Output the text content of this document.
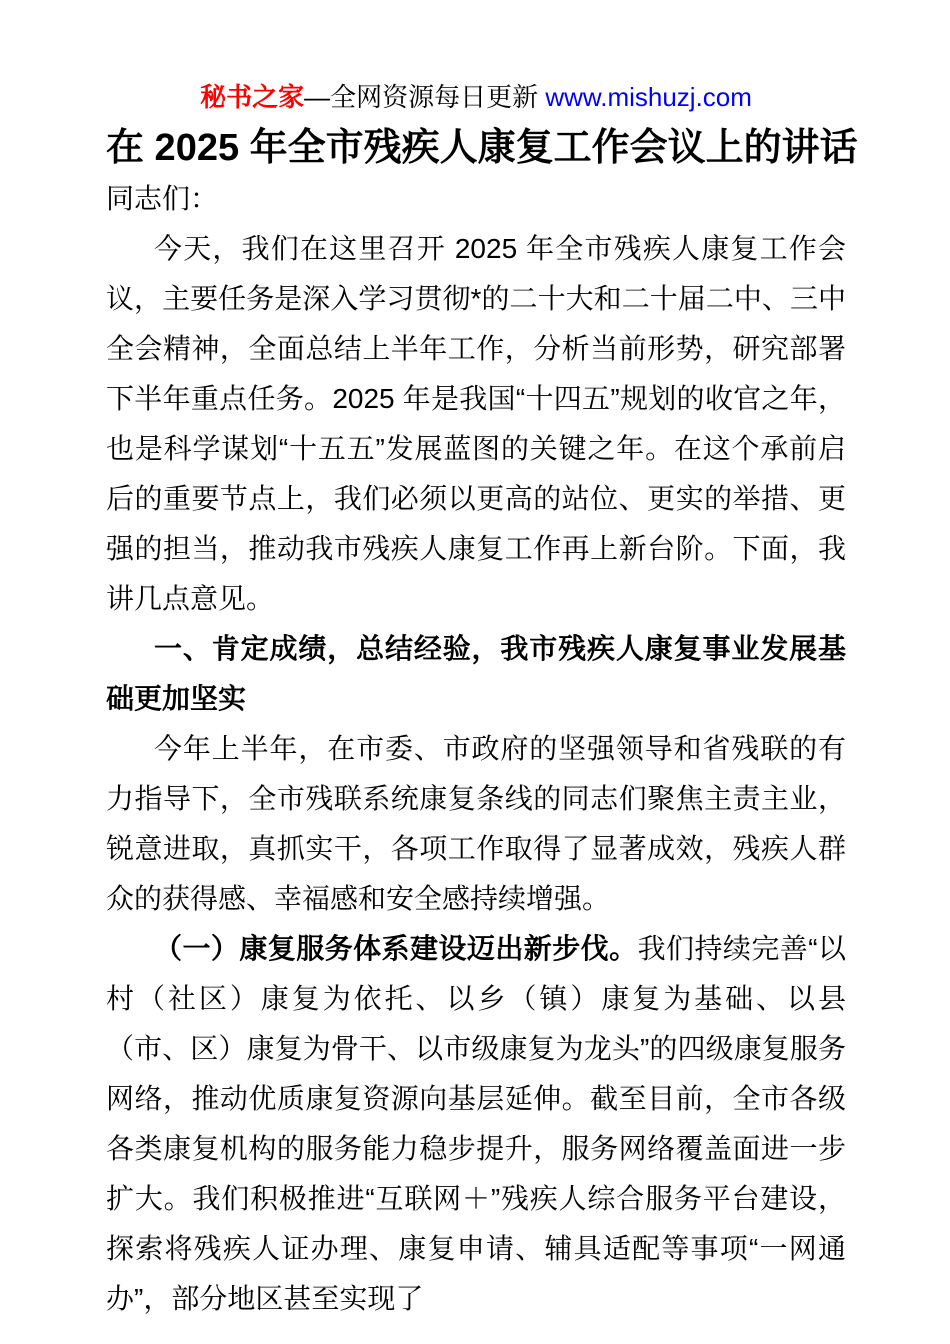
秘书之家—全网资源每日更新 www.mishuzj.com
在 2025 年全市残疾人康复工作会议上的讲话

同志们：

今天，我们在这里召开 2025 年全市残疾人康复工作会议，主要任务是深入学习贯彻*的二十大和二十届二中、三中全会精神，全面总结上半年工作，分析当前形势，研究部署下半年重点任务。2025 年是我国“十四五”规划的收官之年，也是科学谋划“十五五”发展蓝图的关键之年。在这个承前启后的重要节点上，我们必须以更高的站位、更实的举措、更强的担当，推动我市残疾人康复工作再上新台阶。下面，我讲几点意见。

一、肯定成绩，总结经验，我市残疾人康复事业发展基础更加坚实

今年上半年，在市委、市政府的坚强领导和省残联的有力指导下，全市残联系统康复条线的同志们聚焦主责主业，锐意进取，真抓实干，各项工作取得了显著成效，残疾人群众的获得感、幸福感和安全感持续增强。

（一）康复服务体系建设迈出新步伐。我们持续完善“以村（社区）康复为依托、以乡（镇）康复为基础、以县（市、区）康复为骨干、以市级康复为龙头”的四级康复服务网络，推动优质康复资源向基层延伸。截至目前，全市各级各类康复机构的服务能力稳步提升，服务网络覆盖面进一步扩大。我们积极推进“互联网＋”残疾人综合服务平台建设，探索将残疾人证办理、康复申请、辅具适配等事项“一网通办”，部分地区甚至实现了
